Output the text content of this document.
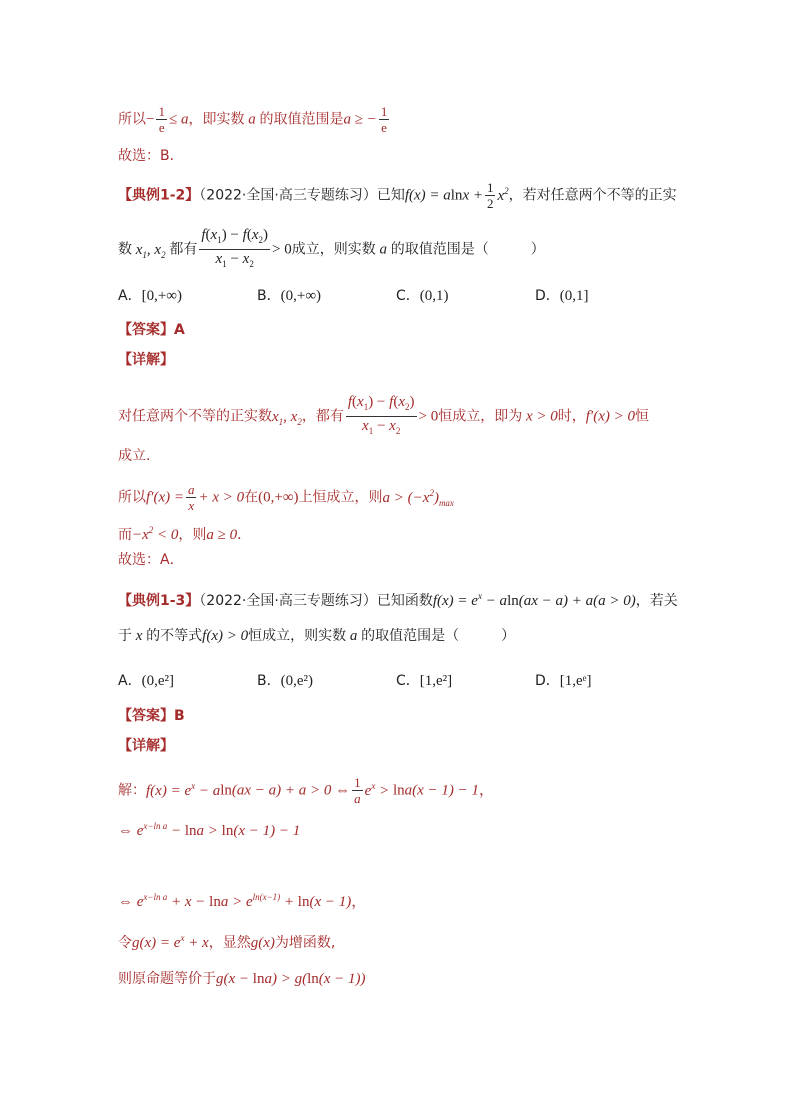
所以− $\frac{1}{e} \le a$，即实数 a 的取值范围是a ≥ − $\frac{1}{e}$
故选：B．
【典例1-2】（2022·全国·高三专题练习）已知$f(x) = alnx + \frac{1}{2} x^2$，若对任意两个不等的正实
数 $x_1$, $x_2$ 都有 $\frac{f(x_1) - f(x_2)}{x_1 - x_2} > 0$成立，则实数 a 的取值范围是（　　　）
A．[0,+∞)	B．(0,+∞)	C．(0,1)	D．(0,1]
【答案】A
【详解】
对任意两个不等的正实数$x_1$, $x_2$，都有 $\frac{f(x_1) - f(x_2)}{x_1 - x_2} > 0$恒成立，即为 x > 0时，f′(x) > 0恒
成立.
所以$f'(x) = \frac{a}{x} + x > 0$在(0,+∞)上恒成立，则$a > (-x^2)_{max}$
而$-x^2 < 0$，则a ≥ 0．
故选：A．
【典例1-3】（2022·全国·高三专题练习）已知函数$f(x) = e^x - aln(ax - a) + a(a > 0)$，若关
于 x 的不等式f(x) > 0恒成立，则实数 a 的取值范围是（　　　）
A．(0,e²]	B．(0,e²)	C．[1,e²]	D．[1,eᵉ]
【答案】B
【详解】
解：$f(x) = e^x - aln(ax - a) + a > 0$ ⇔ $\frac{1}{a} e^x > \ln a(x - 1) - 1$，
⇔ $e^{x-ln a} - \ln a > \ln(x - 1) - 1$
⇔ $e^{x-ln a} + x - \ln a > e^{ln(x-1)} + \ln(x - 1)$，
令$g(x) = e^x + x$，显然g(x)为增函数,
则原命题等价于g(x − lna) > g(ln(x − 1))
